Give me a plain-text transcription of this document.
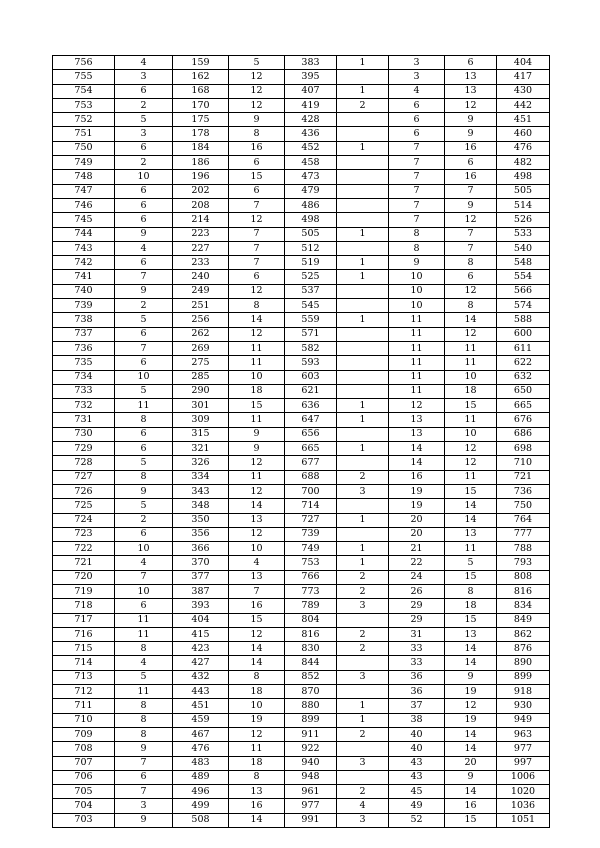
756	4	159	5	383	1	3	6	404
755	3	162	12	395		3	13	417
754	6	168	12	407	1	4	13	430
753	2	170	12	419	2	6	12	442
752	5	175	9	428		6	9	451
751	3	178	8	436		6	9	460
750	6	184	16	452	1	7	16	476
749	2	186	6	458		7	6	482
748	10	196	15	473		7	16	498
747	6	202	6	479		7	7	505
746	6	208	7	486		7	9	514
745	6	214	12	498		7	12	526
744	9	223	7	505	1	8	7	533
743	4	227	7	512		8	7	540
742	6	233	7	519	1	9	8	548
741	7	240	6	525	1	10	6	554
740	9	249	12	537		10	12	566
739	2	251	8	545		10	8	574
738	5	256	14	559	1	11	14	588
737	6	262	12	571		11	12	600
736	7	269	11	582		11	11	611
735	6	275	11	593		11	11	622
734	10	285	10	603		11	10	632
733	5	290	18	621		11	18	650
732	11	301	15	636	1	12	15	665
731	8	309	11	647	1	13	11	676
730	6	315	9	656		13	10	686
729	6	321	9	665	1	14	12	698
728	5	326	12	677		14	12	710
727	8	334	11	688	2	16	11	721
726	9	343	12	700	3	19	15	736
725	5	348	14	714		19	14	750
724	2	350	13	727	1	20	14	764
723	6	356	12	739		20	13	777
722	10	366	10	749	1	21	11	788
721	4	370	4	753	1	22	5	793
720	7	377	13	766	2	24	15	808
719	10	387	7	773	2	26	8	816
718	6	393	16	789	3	29	18	834
717	11	404	15	804		29	15	849
716	11	415	12	816	2	31	13	862
715	8	423	14	830	2	33	14	876
714	4	427	14	844		33	14	890
713	5	432	8	852	3	36	9	899
712	11	443	18	870		36	19	918
711	8	451	10	880	1	37	12	930
710	8	459	19	899	1	38	19	949
709	8	467	12	911	2	40	14	963
708	9	476	11	922		40	14	977
707	7	483	18	940	3	43	20	997
706	6	489	8	948		43	9	1006
705	7	496	13	961	2	45	14	1020
704	3	499	16	977	4	49	16	1036
703	9	508	14	991	3	52	15	1051
